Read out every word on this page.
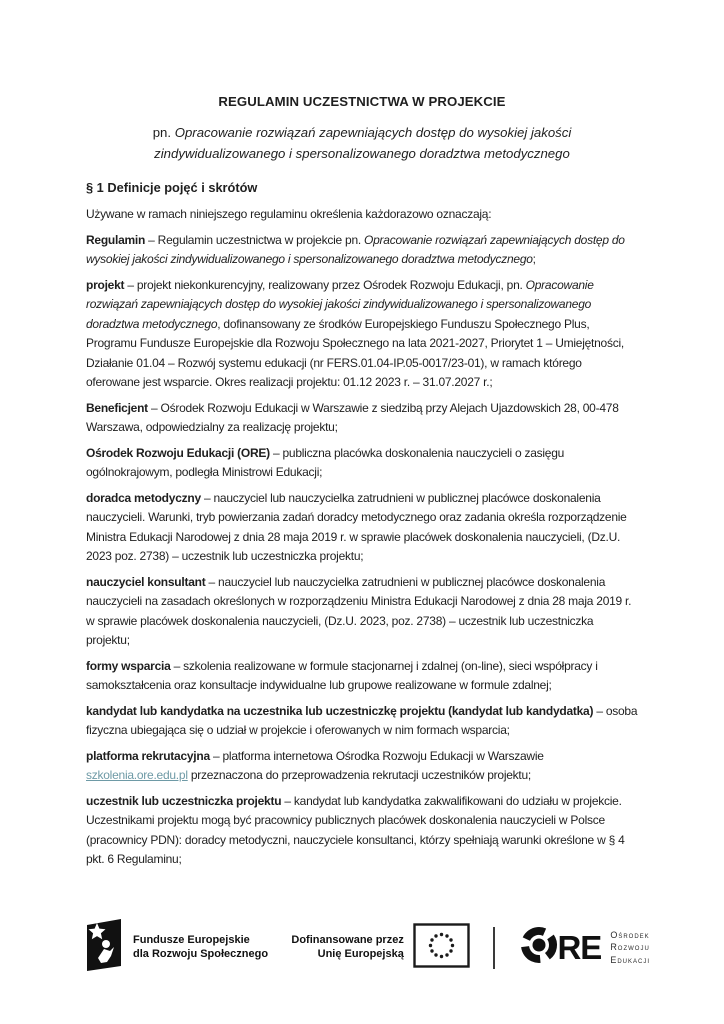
REGULAMIN UCZESTNICTWA W PROJEKCIE
pn. Opracowanie rozwiązań zapewniających dostęp do wysokiej jakości zindywidualizowanego i spersonalizowanego doradztwa metodycznego
§ 1 Definicje pojęć i skrótów

Używane w ramach niniejszego regulaminu określenia każdorazowo oznaczają:

Regulamin – Regulamin uczestnictwa w projekcie pn. Opracowanie rozwiązań zapewniających dostęp do wysokiej jakości zindywidualizowanego i spersonalizowanego doradztwa metodycznego;

projekt – projekt niekonkurencyjny, realizowany przez Ośrodek Rozwoju Edukacji, pn. Opracowanie rozwiązań zapewniających dostęp do wysokiej jakości zindywidualizowanego i spersonalizowanego doradztwa metodycznego, dofinansowany ze środków Europejskiego Funduszu Społecznego Plus, Programu Fundusze Europejskie dla Rozwoju Społecznego na lata 2021-2027, Priorytet 1 – Umiejętności, Działanie 01.04 – Rozwój systemu edukacji (nr FERS.01.04-IP.05-0017/23-01), w ramach którego oferowane jest wsparcie. Okres realizacji projektu: 01.12 2023 r. – 31.07.2027 r.;

Beneficjent – Ośrodek Rozwoju Edukacji w Warszawie z siedzibą przy Alejach Ujazdowskich 28, 00-478 Warszawa, odpowiedzialny za realizację projektu;

Ośrodek Rozwoju Edukacji (ORE) – publiczna placówka doskonalenia nauczycieli o zasięgu ogólnokrajowym, podległa Ministrowi Edukacji;

doradca metodyczny – nauczyciel lub nauczycielka zatrudnieni w publicznej placówce doskonalenia nauczycieli. Warunki, tryb powierzania zadań doradcy metodycznego oraz zadania określa rozporządzenie Ministra Edukacji Narodowej z dnia 28 maja 2019 r. w sprawie placówek doskonalenia nauczycieli, (Dz.U. 2023 poz. 2738) – uczestnik lub uczestniczka projektu;

nauczyciel konsultant – nauczyciel lub nauczycielka zatrudnieni w publicznej placówce doskonalenia nauczycieli na zasadach określonych w rozporządzeniu Ministra Edukacji Narodowej z dnia 28 maja 2019 r. w sprawie placówek doskonalenia nauczycieli, (Dz.U. 2023, poz. 2738) – uczestnik lub uczestniczka projektu;

formy wsparcia – szkolenia realizowane w formule stacjonarnej i zdalnej (on-line), sieci współpracy i samokształcenia oraz konsultacje indywidualne lub grupowe realizowane w formule zdalnej;

kandydat lub kandydatka na uczestnika lub uczestniczkę projektu (kandydat lub kandydatka) – osoba fizyczna ubiegająca się o udział w projekcie i oferowanych w nim formach wsparcia;

platforma rekrutacyjna – platforma internetowa Ośrodka Rozwoju Edukacji w Warszawie szkolenia.ore.edu.pl przeznaczona do przeprowadzenia rekrutacji uczestników projektu;

uczestnik lub uczestniczka projektu – kandydat lub kandydatka zakwalifikowani do udziału w projekcie. Uczestnikami projektu mogą być pracownicy publicznych placówek doskonalenia nauczycieli w Polsce (pracownicy PDN): doradcy metodyczni, nauczyciele konsultanci, którzy spełniają warunki określone w § 4 pkt. 6 Regulaminu;

Fundusze Europejskie
dla Rozwoju Społecznego
Dofinansowane przez
Unię Europejską	RE Ośrodek
Rozwoju
Edukacji
